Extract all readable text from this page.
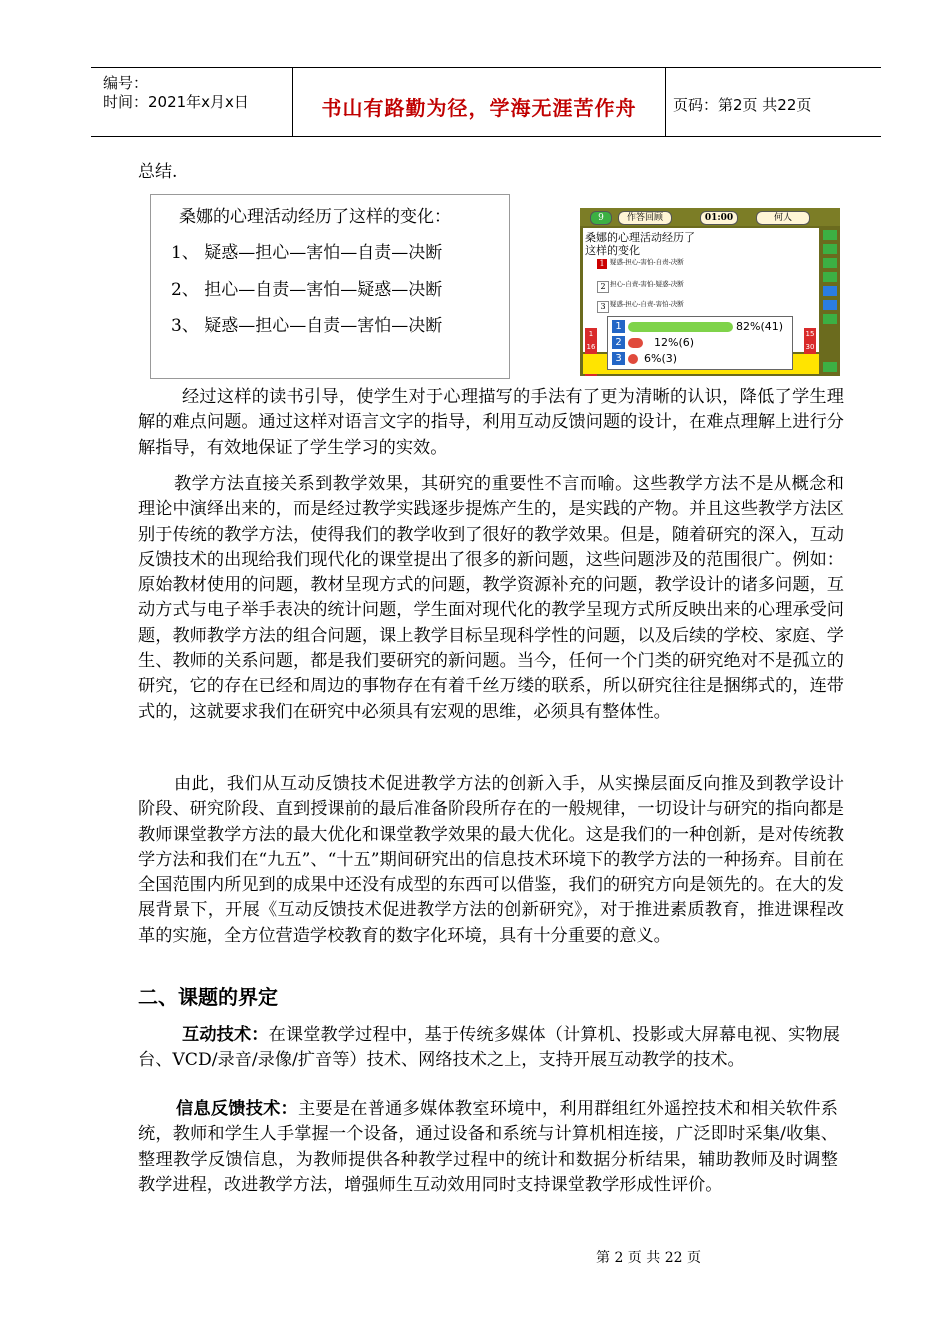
编号：
时间：2021年x月x日	书山有路勤为径，学海无涯苦作舟	页码：第2页 共22页
总结.
桑娜的心理活动经历了这样的变化：
1、 疑惑—担心—害怕—自责—决断
2、 担心—自责—害怕—疑惑—决断
3、 疑惑—担心—自责—害怕—决断
9	作答回顾	01:00	何人
桑娜的心理活动经历了
这样的变化
1 疑惑-担心-害怕-自责-决断
2 担心-自责-害怕-疑惑-决断
3 疑惑-担心-自责-害怕-决断
1
16
15
30
1	82%(41)
2	12%(6)
3	6%(3)

经过这样的读书引导，使学生对于心理描写的手法有了更为清晰的认识，降低了学生理解的难点问题。通过这样对语言文字的指导，利用互动反馈问题的设计，在难点理解上进行分解指导，有效地保证了学生学习的实效。

教学方法直接关系到教学效果，其研究的重要性不言而喻。这些教学方法不是从概念和理论中演绎出来的，而是经过教学实践逐步提炼产生的，是实践的产物。并且这些教学方法区别于传统的教学方法，使得我们的教学收到了很好的教学效果。但是，随着研究的深入，互动反馈技术的出现给我们现代化的课堂提出了很多的新问题，这些问题涉及的范围很广。例如：原始教材使用的问题，教材呈现方式的问题，教学资源补充的问题，教学设计的诸多问题，互动方式与电子举手表决的统计问题，学生面对现代化的教学呈现方式所反映出来的心理承受问题，教师教学方法的组合问题，课上教学目标呈现科学性的问题，以及后续的学校、家庭、学生、教师的关系问题，都是我们要研究的新问题。当今，任何一个门类的研究绝对不是孤立的研究，它的存在已经和周边的事物存在有着千丝万缕的联系，所以研究往往是捆绑式的，连带式的，这就要求我们在研究中必须具有宏观的思维，必须具有整体性。

由此，我们从互动反馈技术促进教学方法的创新入手，从实操层面反向推及到教学设计阶段、研究阶段、直到授课前的最后准备阶段所存在的一般规律，一切设计与研究的指向都是教师课堂教学方法的最大优化和课堂教学效果的最大优化。这是我们的一种创新，是对传统教学方法和我们在“九五”、“十五”期间研究出的信息技术环境下的教学方法的一种扬弃。目前在全国范围内所见到的成果中还没有成型的东西可以借鉴，我们的研究方向是领先的。在大的发展背景下，开展《互动反馈技术促进教学方法的创新研究》，对于推进素质教育，推进课程改革的实施，全方位营造学校教育的数字化环境，具有十分重要的意义。

二、课题的界定

互动技术：在课堂教学过程中，基于传统多媒体（计算机、投影或大屏幕电视、实物展台、VCD/录音/录像/扩音等）技术、网络技术之上，支持开展互动教学的技术。

信息反馈技术：主要是在普通多媒体教室环境中，利用群组红外遥控技术和相关软件系统，教师和学生人手掌握一个设备，通过设备和系统与计算机相连接，广泛即时采集/收集、整理教学反馈信息，为教师提供各种教学过程中的统计和数据分析结果，辅助教师及时调整教学进程，改进教学方法，增强师生互动效用同时支持课堂教学形成性评价。

第 2 页 共 22 页
